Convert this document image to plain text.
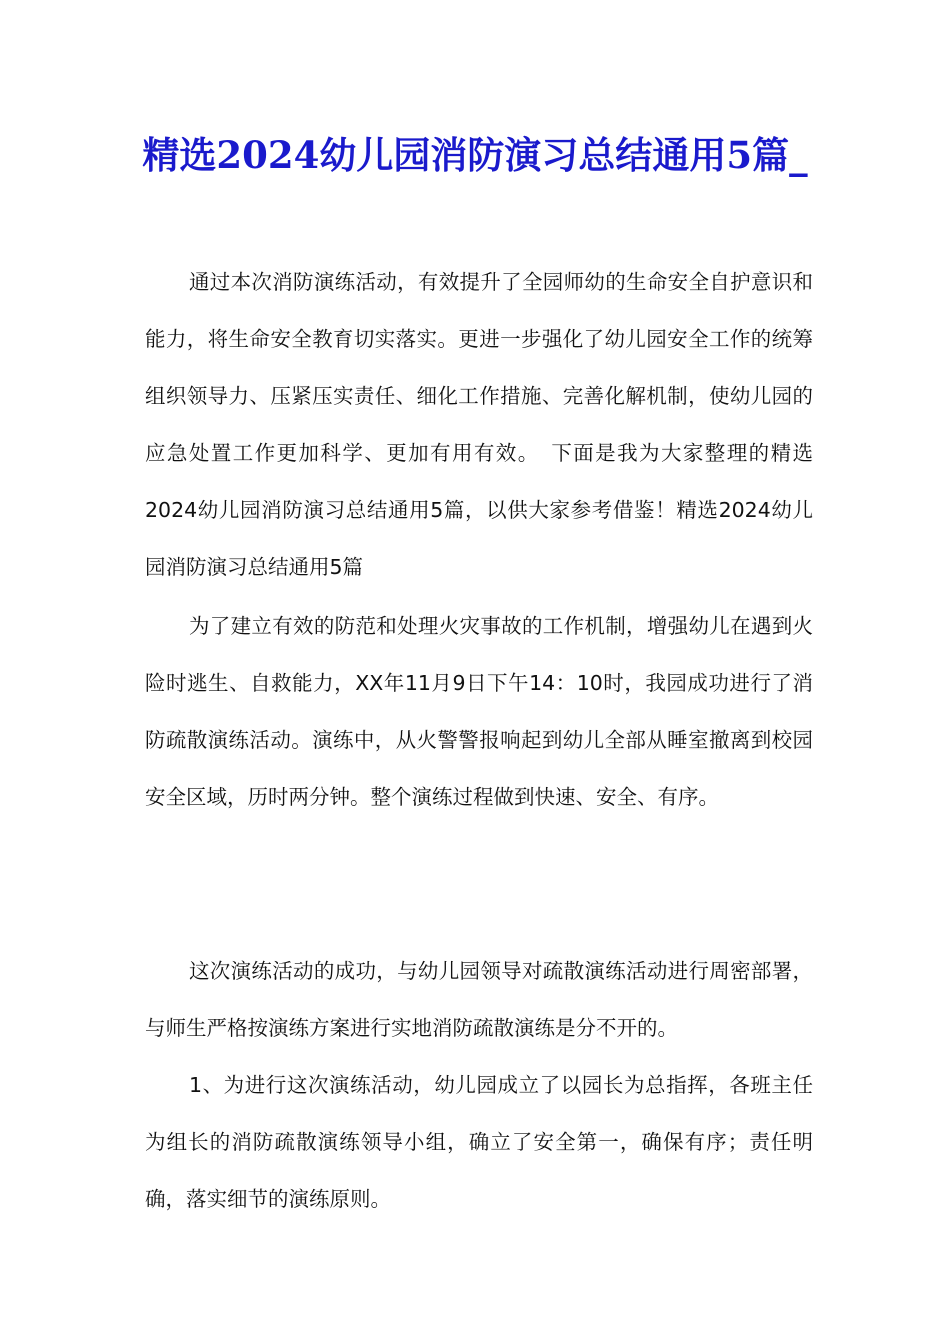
精选2024幼儿园消防演习总结通用5篇_

通过本次消防演练活动，有效提升了全园师幼的生命安全自护意识和能力，将生命安全教育切实落实。更进一步强化了幼儿园安全工作的统筹组织领导力、压紧压实责任、细化工作措施、完善化解机制，使幼儿园的应急处置工作更加科学、更加有用有效。　下面是我为大家整理的精选2024幼儿园消防演习总结通用5篇，以供大家参考借鉴！精选2024幼儿园消防演习总结通用5篇

为了建立有效的防范和处理火灾事故的工作机制，增强幼儿在遇到火险时逃生、自救能力，XX年11月9日下午14：10时，我园成功进行了消防疏散演练活动。演练中，从火警警报响起到幼儿全部从睡室撤离到校园安全区域，历时两分钟。整个演练过程做到快速、安全、有序。

这次演练活动的成功，与幼儿园领导对疏散演练活动进行周密部署，与师生严格按演练方案进行实地消防疏散演练是分不开的。

1、为进行这次演练活动，幼儿园成立了以园长为总指挥，各班主任为组长的消防疏散演练领导小组，确立了安全第一，确保有序；责任明确，落实细节的演练原则。
